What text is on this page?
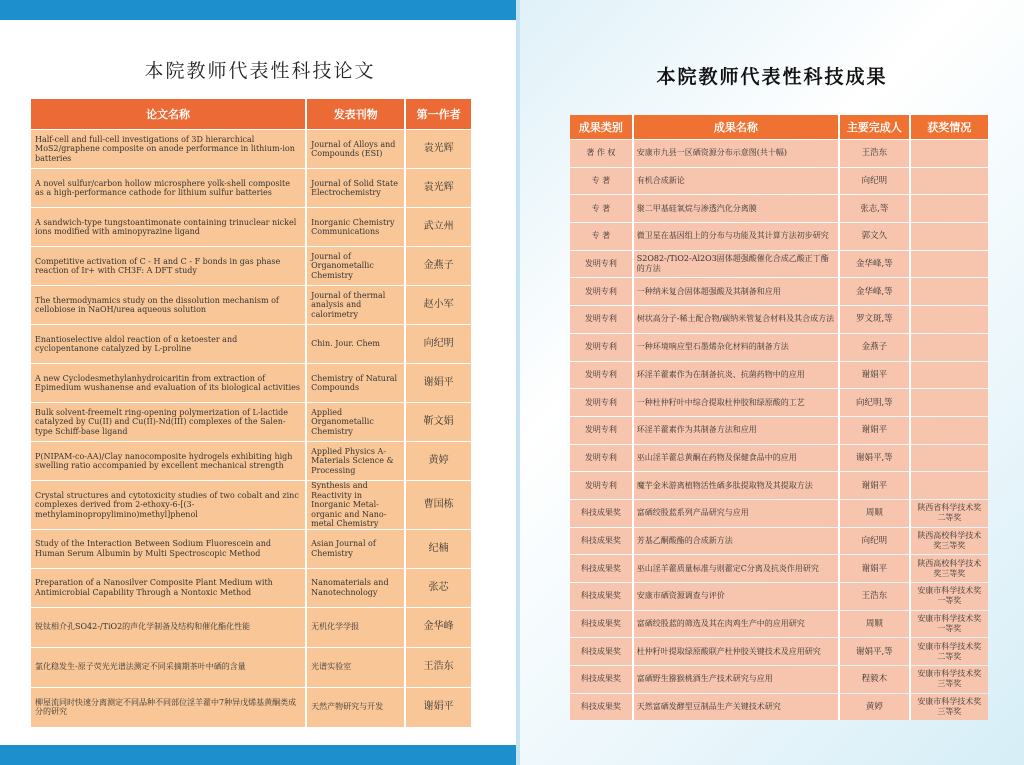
本院教师代表性科技论文
论文名称	发表刊物	第一作者
Half-cell and full-cell investigations of 3D hierarchical MoS2/graphene composite on anode performance in lithium-ion batteries	Journal of Alloys and Compounds (ESI)	袁光辉
A novel sulfur/carbon hollow microsphere yolk-shell composite as a high-performance cathode for lithium sulfur batteries	Journal of Solid State Electrochemistry	袁光辉
A sandwich-type tungstoantimonate containing trinuclear nickel ions modified with aminopyrazine ligand	Inorganic Chemistry Communications	武立州
Competitive activation of C - H and C - F bonds in gas phase reaction of Ir+ with CH3F: A DFT study	Journal of Organometallic Chemistry	金燕子
The thermodynamics study on the dissolution mechanism of cellobiose in NaOH/urea aqueous solution	Journal of thermal analysis and calorimetry	赵小军
Enantioselective aldol reaction of α ketoester and cyclopentanone catalyzed by L-proline	Chin. Jour. Chem	向纪明
A new Cyclodesmethylanhydroicaritin from extraction of Epimedium wushanense and evaluation of its biological activities	Chemistry of Natural Compounds	谢娟平
Bulk solvent-freemelt ring-opening polymerization of L-lactide catalyzed by Cu(II) and Cu(II)-Nd(III) complexes of the Salen-type Schiff-base ligand	Applied Organometallic Chemistry	靳文娟
P(NIPAM-co-AA)/Clay nanocomposite hydrogels exhibiting high swelling ratio accompanied by excellent mechanical strength	Applied Physics A-Materials Science & Processing	黄婷
Crystal structures and cytotoxicity studies of two cobalt and zinc complexes derived from 2-ethoxy-6-[(3-methylaminopropylimino)methyl]phenol	Synthesis and Reactivity in Inorganic Metal-organic and Nano-metal Chemistry	曹国栋
Study of the Interaction Between Sodium Fluorescein and Human Serum Albumin by Multi Spectroscopic Method	Asian Journal of Chemistry	纪楠
Preparation of a Nanosilver Composite Plant Medium with Antimicrobial Capability Through a Nontoxic Method	Nanomaterials and Nanotechnology	张芯
锐钛相介孔SO42-/TiO2的声化学制备及结构和催化酯化性能	无机化学学报	金华峰
氯化稳发生-原子荧光光谱法测定不同采摘期茶叶中硒的含量	光谱实验室	王浩东
柳屋流同时快速分离测定不同品种不同部位淫羊藿中7种异戊烯基黄酮类成分的研究	天然产物研究与开发	谢娟平
本院教师代表性科技成果
成果类别	成果名称	主要完成人	获奖情况
著 作 权	安康市九县一区硒资源分布示意图(共十幅)	王浩东	
专 著	有机合成新论	向纪明	
专 著	聚二甲基硅氧烷与渗透汽化分离膜	张志,等	
专 著	微卫星在基因组上的分布与功能及其计算方法初步研究	郭文久	
发明专利	S2O82-/TiO2-Al2O3固体超强酸催化合成乙酸正丁酯的方法	金华峰,等	
发明专利	一种纳米复合固体超强酸及其制备和应用	金华峰,等	
发明专利	树状高分子-稀土配合物/碳纳米管复合材料及其合成方法	罗文斑,等	
发明专利	一种环境响应型石墨烯杂化材料的制备方法	金燕子	
发明专利	环淫羊藿素作为在制备抗炎、抗菌药物中的应用	谢娟平	
发明专利	一种杜仲籽叶中综合提取杜仲胶和绿原酸的工艺	向纪明,等	
发明专利	环淫羊藿素作为其制备方法和应用	谢娟平	
发明专利	巫山淫羊藿总黄酮在药物及保健食品中的应用	谢娟平,等	
发明专利	魔芋金米游离植物活性硒多肽提取物及其提取方法	谢娟平	
科技成果奖	富硒绞股蓝系列产品研究与应用	周顺	陕西省科学技术奖二等奖
科技成果奖	芳基乙酮酸酯的合成新方法	向纪明	陕西高校科学技术奖三等奖
科技成果奖	巫山淫羊藿质量标准与则藿定C分离及抗炎作用研究	谢娟平	陕西高校科学技术奖三等奖
科技成果奖	安康市硒资源调查与评价	王浩东	安康市科学技术奖一等奖
科技成果奖	富硒绞股蓝的筛选及其在肉鸡生产中的应用研究	周顺	安康市科学技术奖一等奖
科技成果奖	杜仲籽叶提取绿原酸联产杜仲胶关键技术及应用研究	谢娟平,等	安康市科学技术奖二等奖
科技成果奖	富硒野生猕猴桃酒生产技术研究与应用	程毅木	安康市科学技术奖三等奖
科技成果奖	天然富硒发酵型豆制品生产关键技术研究	黄婷	安康市科学技术奖三等奖
